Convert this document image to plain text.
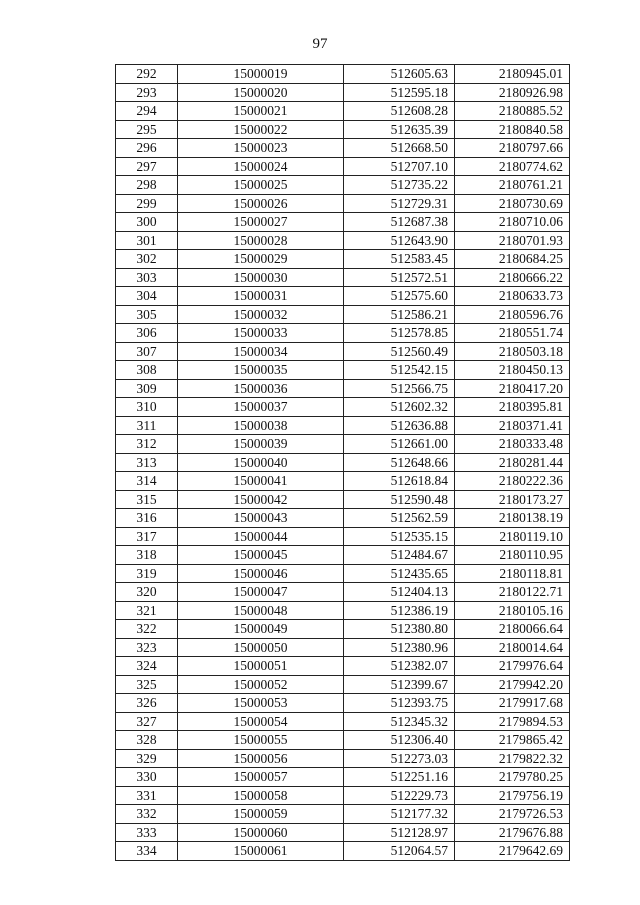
97
292	15000019	512605.63	2180945.01
293	15000020	512595.18	2180926.98
294	15000021	512608.28	2180885.52
295	15000022	512635.39	2180840.58
296	15000023	512668.50	2180797.66
297	15000024	512707.10	2180774.62
298	15000025	512735.22	2180761.21
299	15000026	512729.31	2180730.69
300	15000027	512687.38	2180710.06
301	15000028	512643.90	2180701.93
302	15000029	512583.45	2180684.25
303	15000030	512572.51	2180666.22
304	15000031	512575.60	2180633.73
305	15000032	512586.21	2180596.76
306	15000033	512578.85	2180551.74
307	15000034	512560.49	2180503.18
308	15000035	512542.15	2180450.13
309	15000036	512566.75	2180417.20
310	15000037	512602.32	2180395.81
311	15000038	512636.88	2180371.41
312	15000039	512661.00	2180333.48
313	15000040	512648.66	2180281.44
314	15000041	512618.84	2180222.36
315	15000042	512590.48	2180173.27
316	15000043	512562.59	2180138.19
317	15000044	512535.15	2180119.10
318	15000045	512484.67	2180110.95
319	15000046	512435.65	2180118.81
320	15000047	512404.13	2180122.71
321	15000048	512386.19	2180105.16
322	15000049	512380.80	2180066.64
323	15000050	512380.96	2180014.64
324	15000051	512382.07	2179976.64
325	15000052	512399.67	2179942.20
326	15000053	512393.75	2179917.68
327	15000054	512345.32	2179894.53
328	15000055	512306.40	2179865.42
329	15000056	512273.03	2179822.32
330	15000057	512251.16	2179780.25
331	15000058	512229.73	2179756.19
332	15000059	512177.32	2179726.53
333	15000060	512128.97	2179676.88
334	15000061	512064.57	2179642.69
